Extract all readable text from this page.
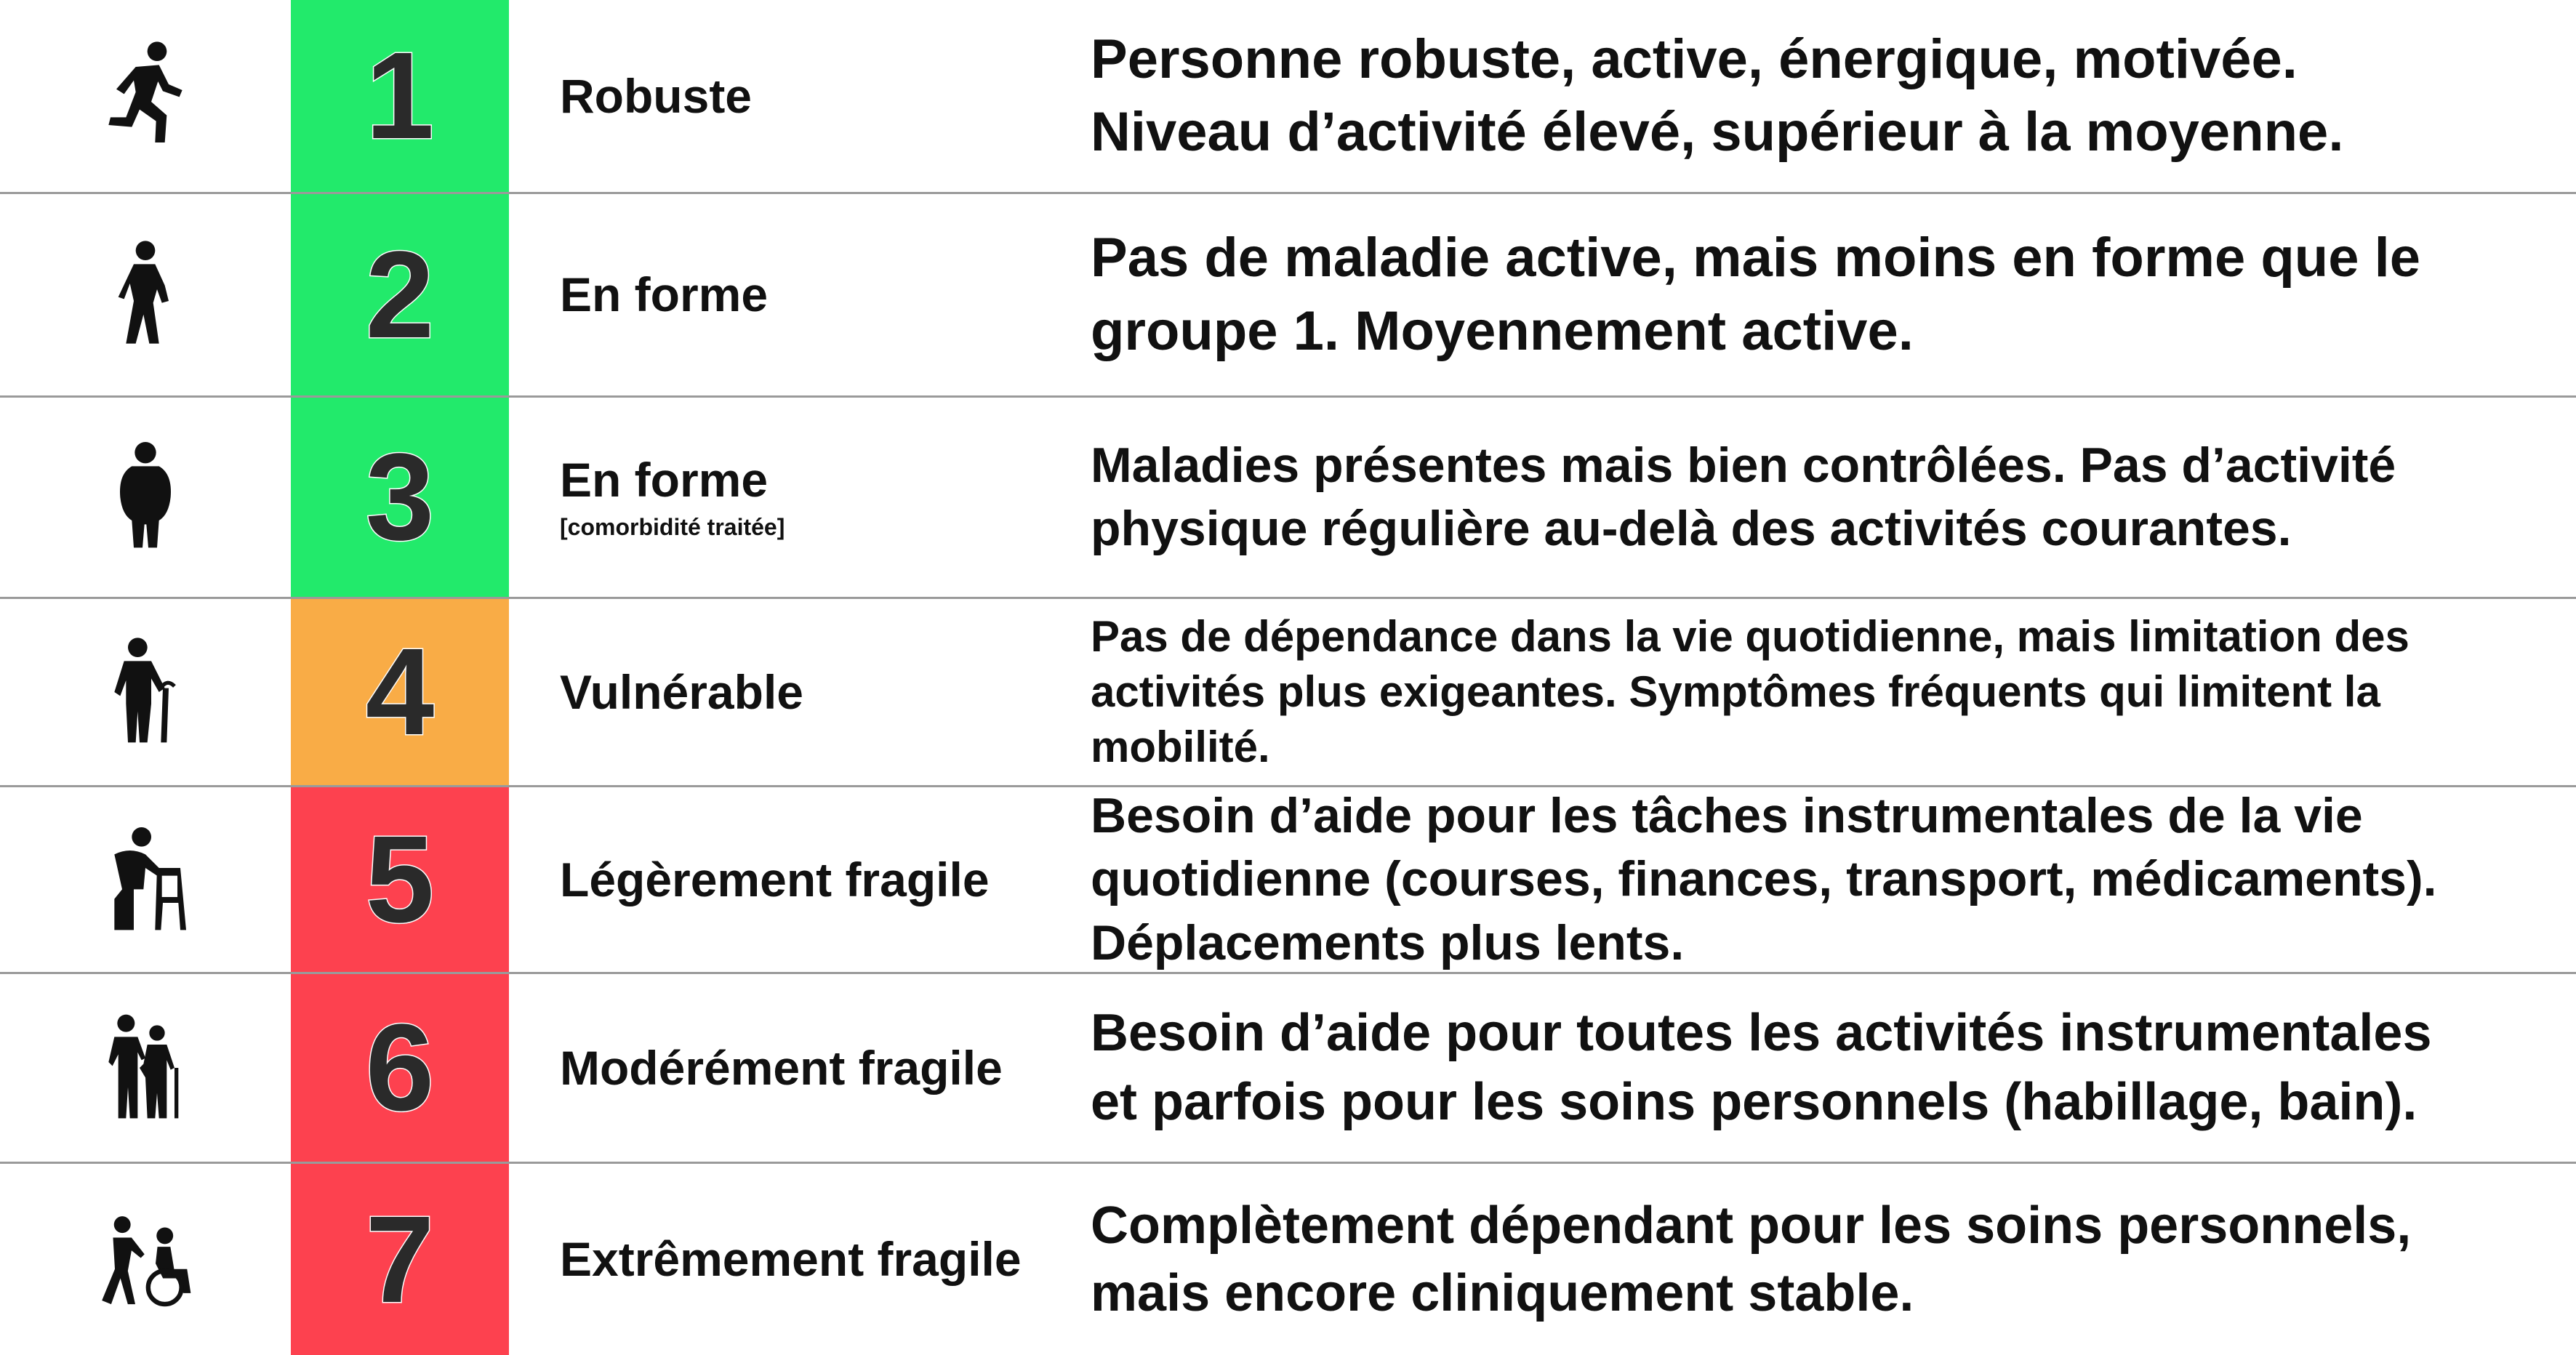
1	Robuste
Personne robuste, active, énergique, motivée.
Niveau d’activité élevé, supérieur à la moyenne.
2	En forme
Pas de maladie active, mais moins en forme que le
groupe 1. Moyennement active.
3	En forme
[comorbidité traitée]
Maladies présentes mais bien contrôlées. Pas d’activité
physique régulière au-delà des activités courantes.
4	Vulnérable
Pas de dépendance dans la vie quotidienne, mais limitation des
activités plus exigeantes. Symptômes fréquents qui limitent la
mobilité.
5	Légèrement fragile
Besoin d’aide pour les tâches instrumentales de la vie
quotidienne (courses, finances, transport, médicaments).
Déplacements plus lents.
6	Modérément fragile
Besoin d’aide pour toutes les activités instrumentales
et parfois pour les soins personnels (habillage, bain).
7	Extrêmement fragile
Complètement dépendant pour les soins personnels,
mais encore cliniquement stable.
